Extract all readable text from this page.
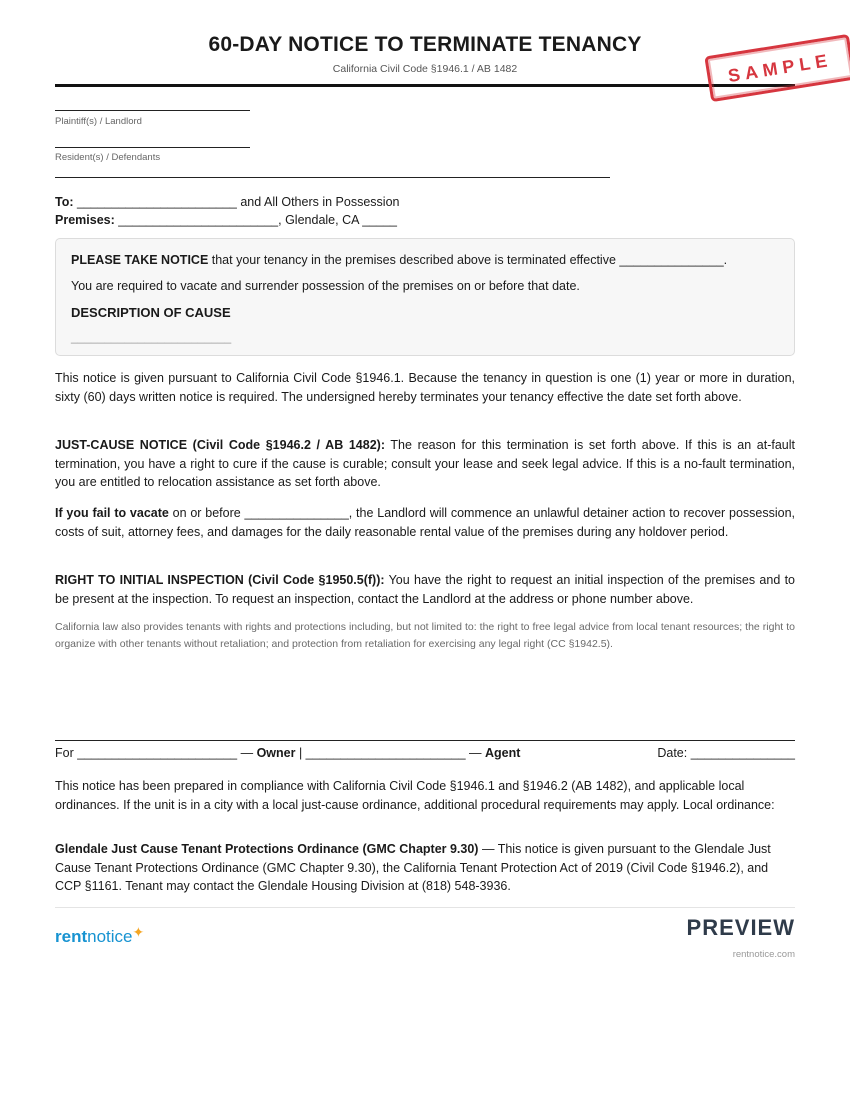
60-DAY NOTICE TO TERMINATE TENANCY
California Civil Code §1946.1 / AB 1482	SAMPLE
Plaintiff(s) / Landlord
Resident(s) / Defendants
To: _______________________ and All Others in Possession
Premises: _______________________, Glendale, CA _____
PLEASE TAKE NOTICE that your tenancy in the premises described above is terminated effective _______________.
You are required to vacate and surrender possession of the premises on or before that date.
DESCRIPTION OF CAUSE
________________________
This notice is given pursuant to California Civil Code §1946.1. Because the tenancy in question is one (1) year or more in duration, sixty (60) days written notice is required. The undersigned hereby terminates your tenancy effective the date set forth above.
JUST-CAUSE NOTICE (Civil Code §1946.2 / AB 1482): The reason for this termination is set forth above. If this is an at-fault termination, you have a right to cure if the cause is curable; consult your lease and seek legal advice. If this is a no-fault termination, you are entitled to relocation assistance as set forth above.
If you fail to vacate on or before _______________, the Landlord will commence an unlawful detainer action to recover possession, costs of suit, attorney fees, and damages for the daily reasonable rental value of the premises during any holdover period.
RIGHT TO INITIAL INSPECTION (Civil Code §1950.5(f)): You have the right to request an initial inspection of the premises and to be present at the inspection. To request an inspection, contact the Landlord at the address or phone number above.
California law also provides tenants with rights and protections including, but not limited to: the right to free legal advice from local tenant resources; the right to organize with other tenants without retaliation; and protection from retaliation for exercising any legal right (CC §1942.5).
For _______________________ — Owner | _______________________ — Agent	Date: _______________
This notice has been prepared in compliance with California Civil Code §1946.1 and §1946.2 (AB 1482), and applicable local ordinances. If the unit is in a city with a local just-cause ordinance, additional procedural requirements may apply. Local ordinance:
Glendale Just Cause Tenant Protections Ordinance (GMC Chapter 9.30) — This notice is given pursuant to the Glendale Just Cause Tenant Protections Ordinance (GMC Chapter 9.30), the California Tenant Protection Act of 2019 (Civil Code §1946.2), and CCP §1161. Tenant may contact the Glendale Housing Division at (818) 548-3936.
rentnotice✦	PREVIEW
rentnotice.com
